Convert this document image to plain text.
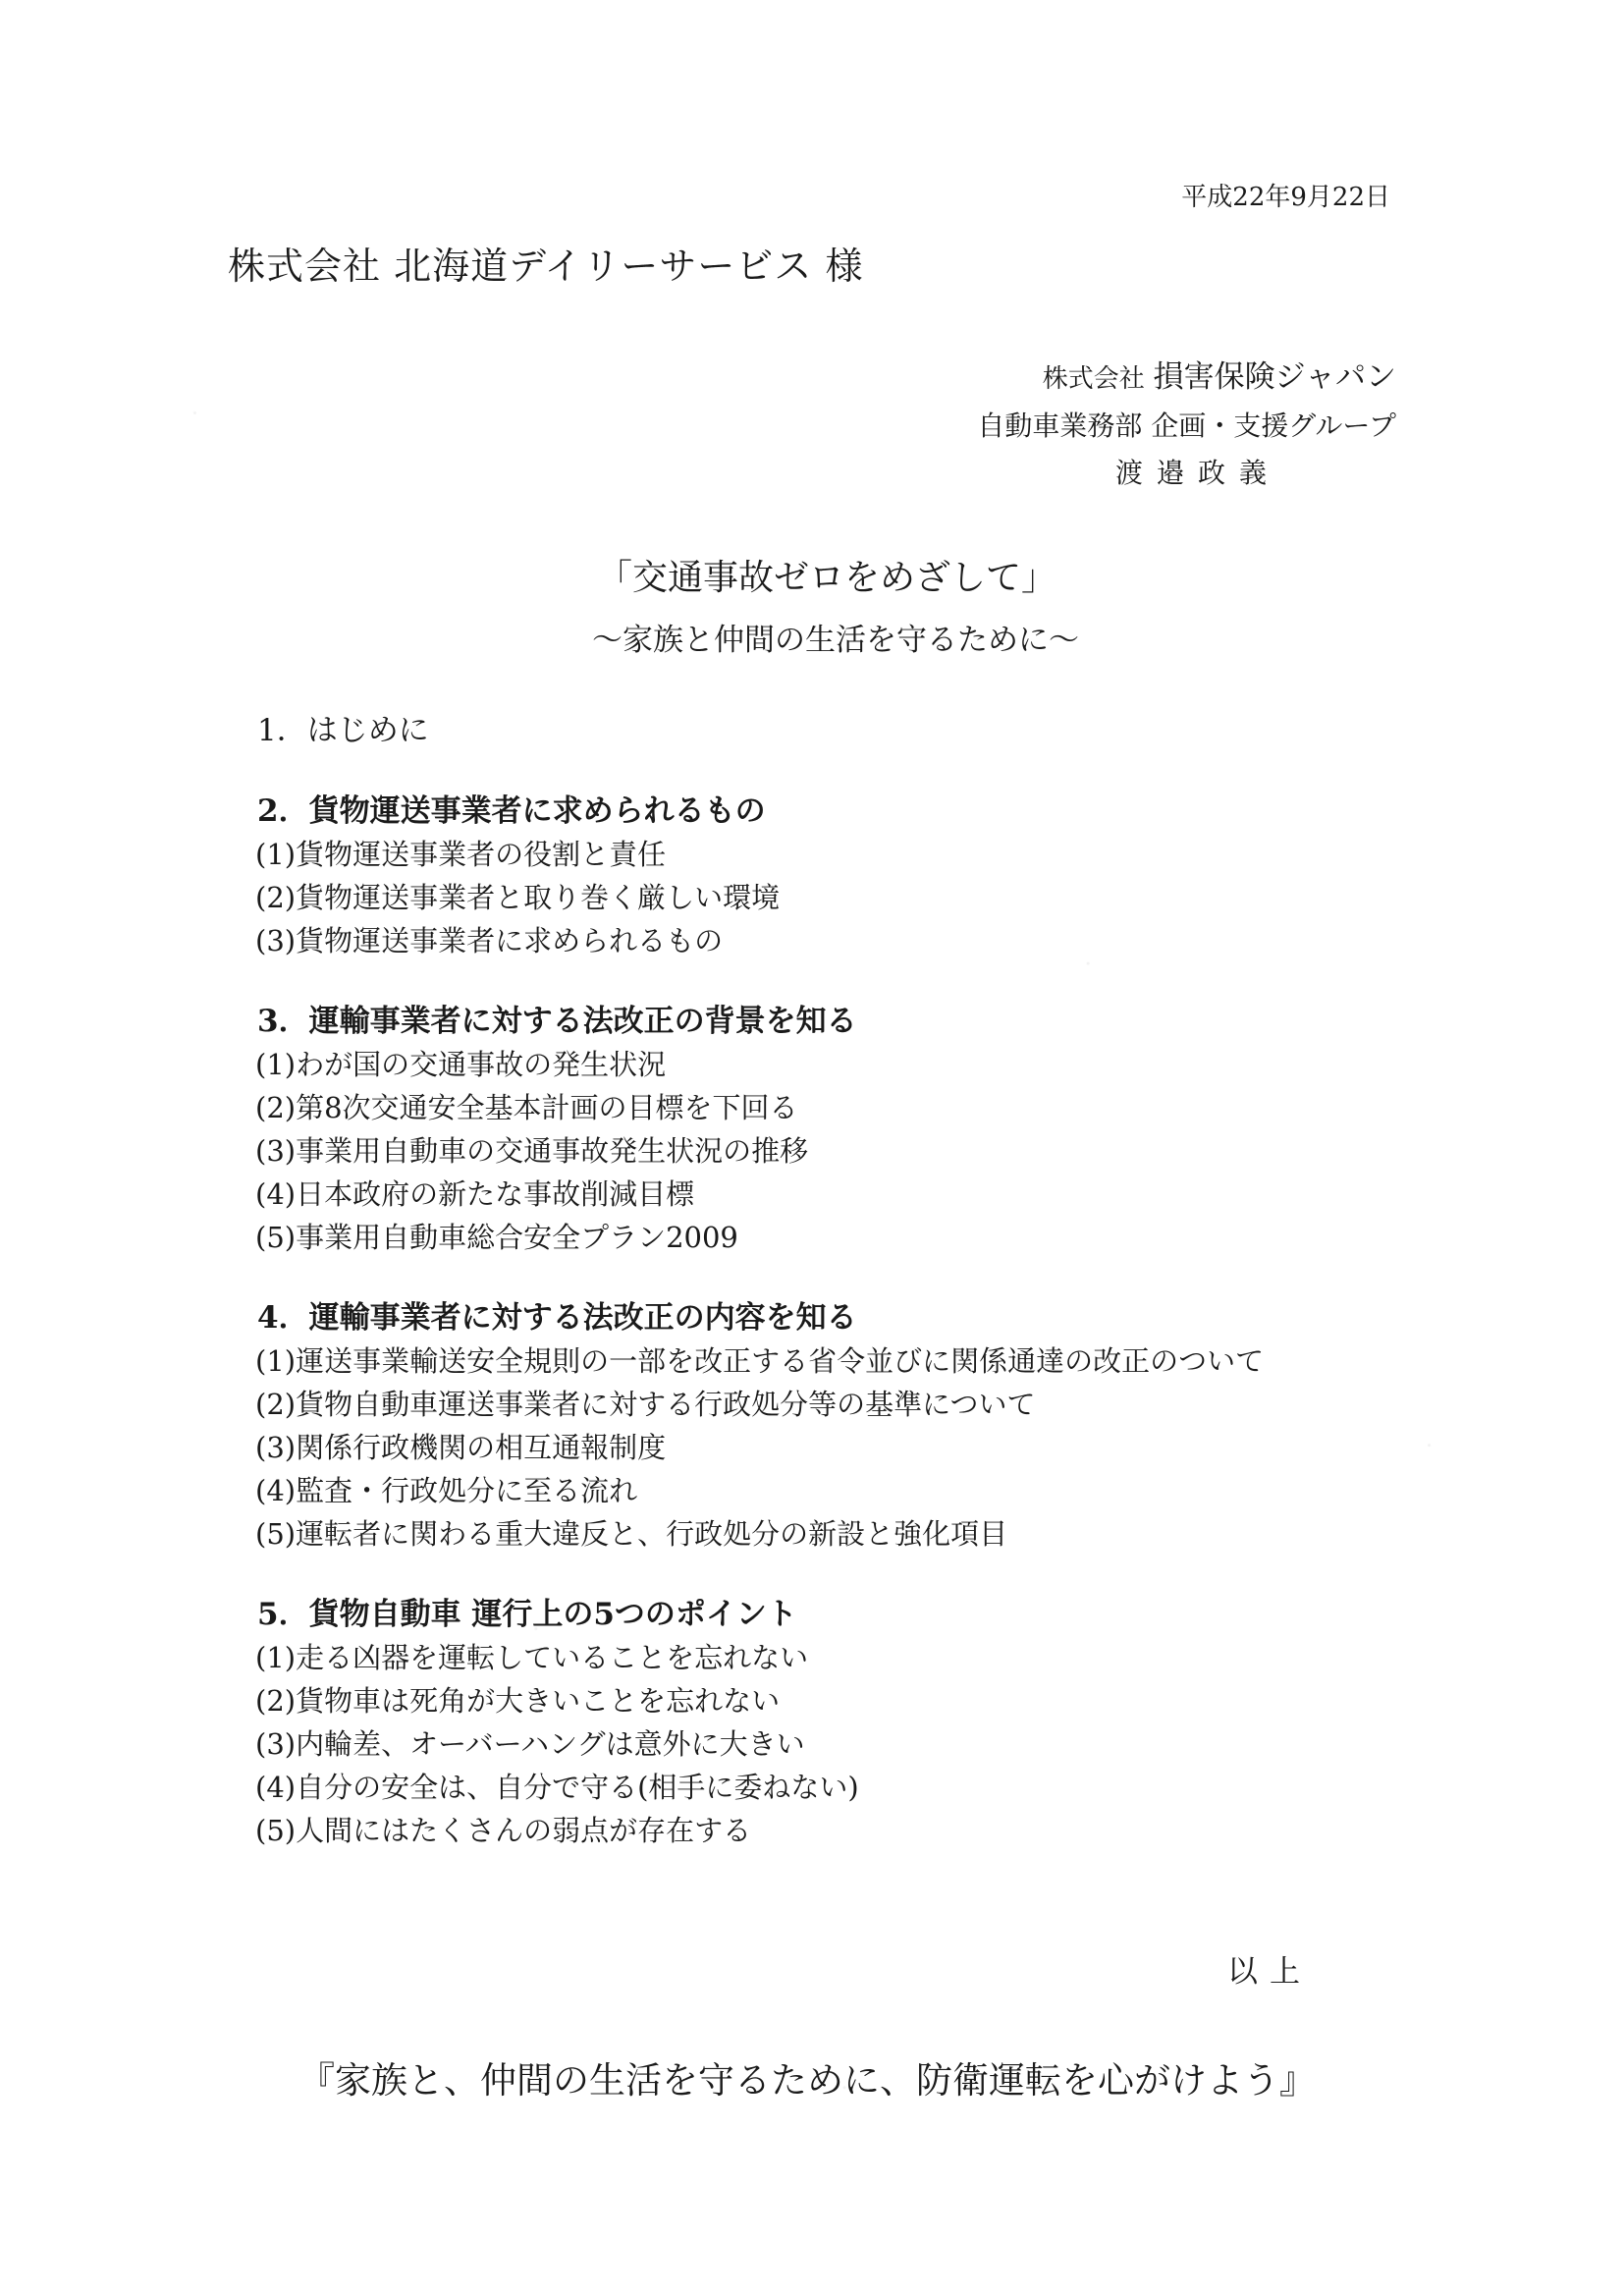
平成22年9月22日
株式会社 北海道デイリーサービス 様
株式会社 損害保険ジャパン
自動車業務部 企画・支援グループ
渡邉政義
「交通事故ゼロをめざして」
～家族と仲間の生活を守るために～
1．はじめに
2．貨物運送事業者に求められるもの
(1)貨物運送事業者の役割と責任
(2)貨物運送事業者と取り巻く厳しい環境
(3)貨物運送事業者に求められるもの
3．運輸事業者に対する法改正の背景を知る
(1)わが国の交通事故の発生状況
(2)第8次交通安全基本計画の目標を下回る
(3)事業用自動車の交通事故発生状況の推移
(4)日本政府の新たな事故削減目標
(5)事業用自動車総合安全プラン2009
4．運輸事業者に対する法改正の内容を知る
(1)運送事業輸送安全規則の一部を改正する省令並びに関係通達の改正のついて
(2)貨物自動車運送事業者に対する行政処分等の基準について
(3)関係行政機関の相互通報制度
(4)監査・行政処分に至る流れ
(5)運転者に関わる重大違反と、行政処分の新設と強化項目
5．貨物自動車 運行上の5つのポイント
(1)走る凶器を運転していることを忘れない
(2)貨物車は死角が大きいことを忘れない
(3)内輪差、オーバーハングは意外に大きい
(4)自分の安全は、自分で守る(相手に委ねない)
(5)人間にはたくさんの弱点が存在する
以上
『家族と、仲間の生活を守るために、防衛運転を心がけよう』
